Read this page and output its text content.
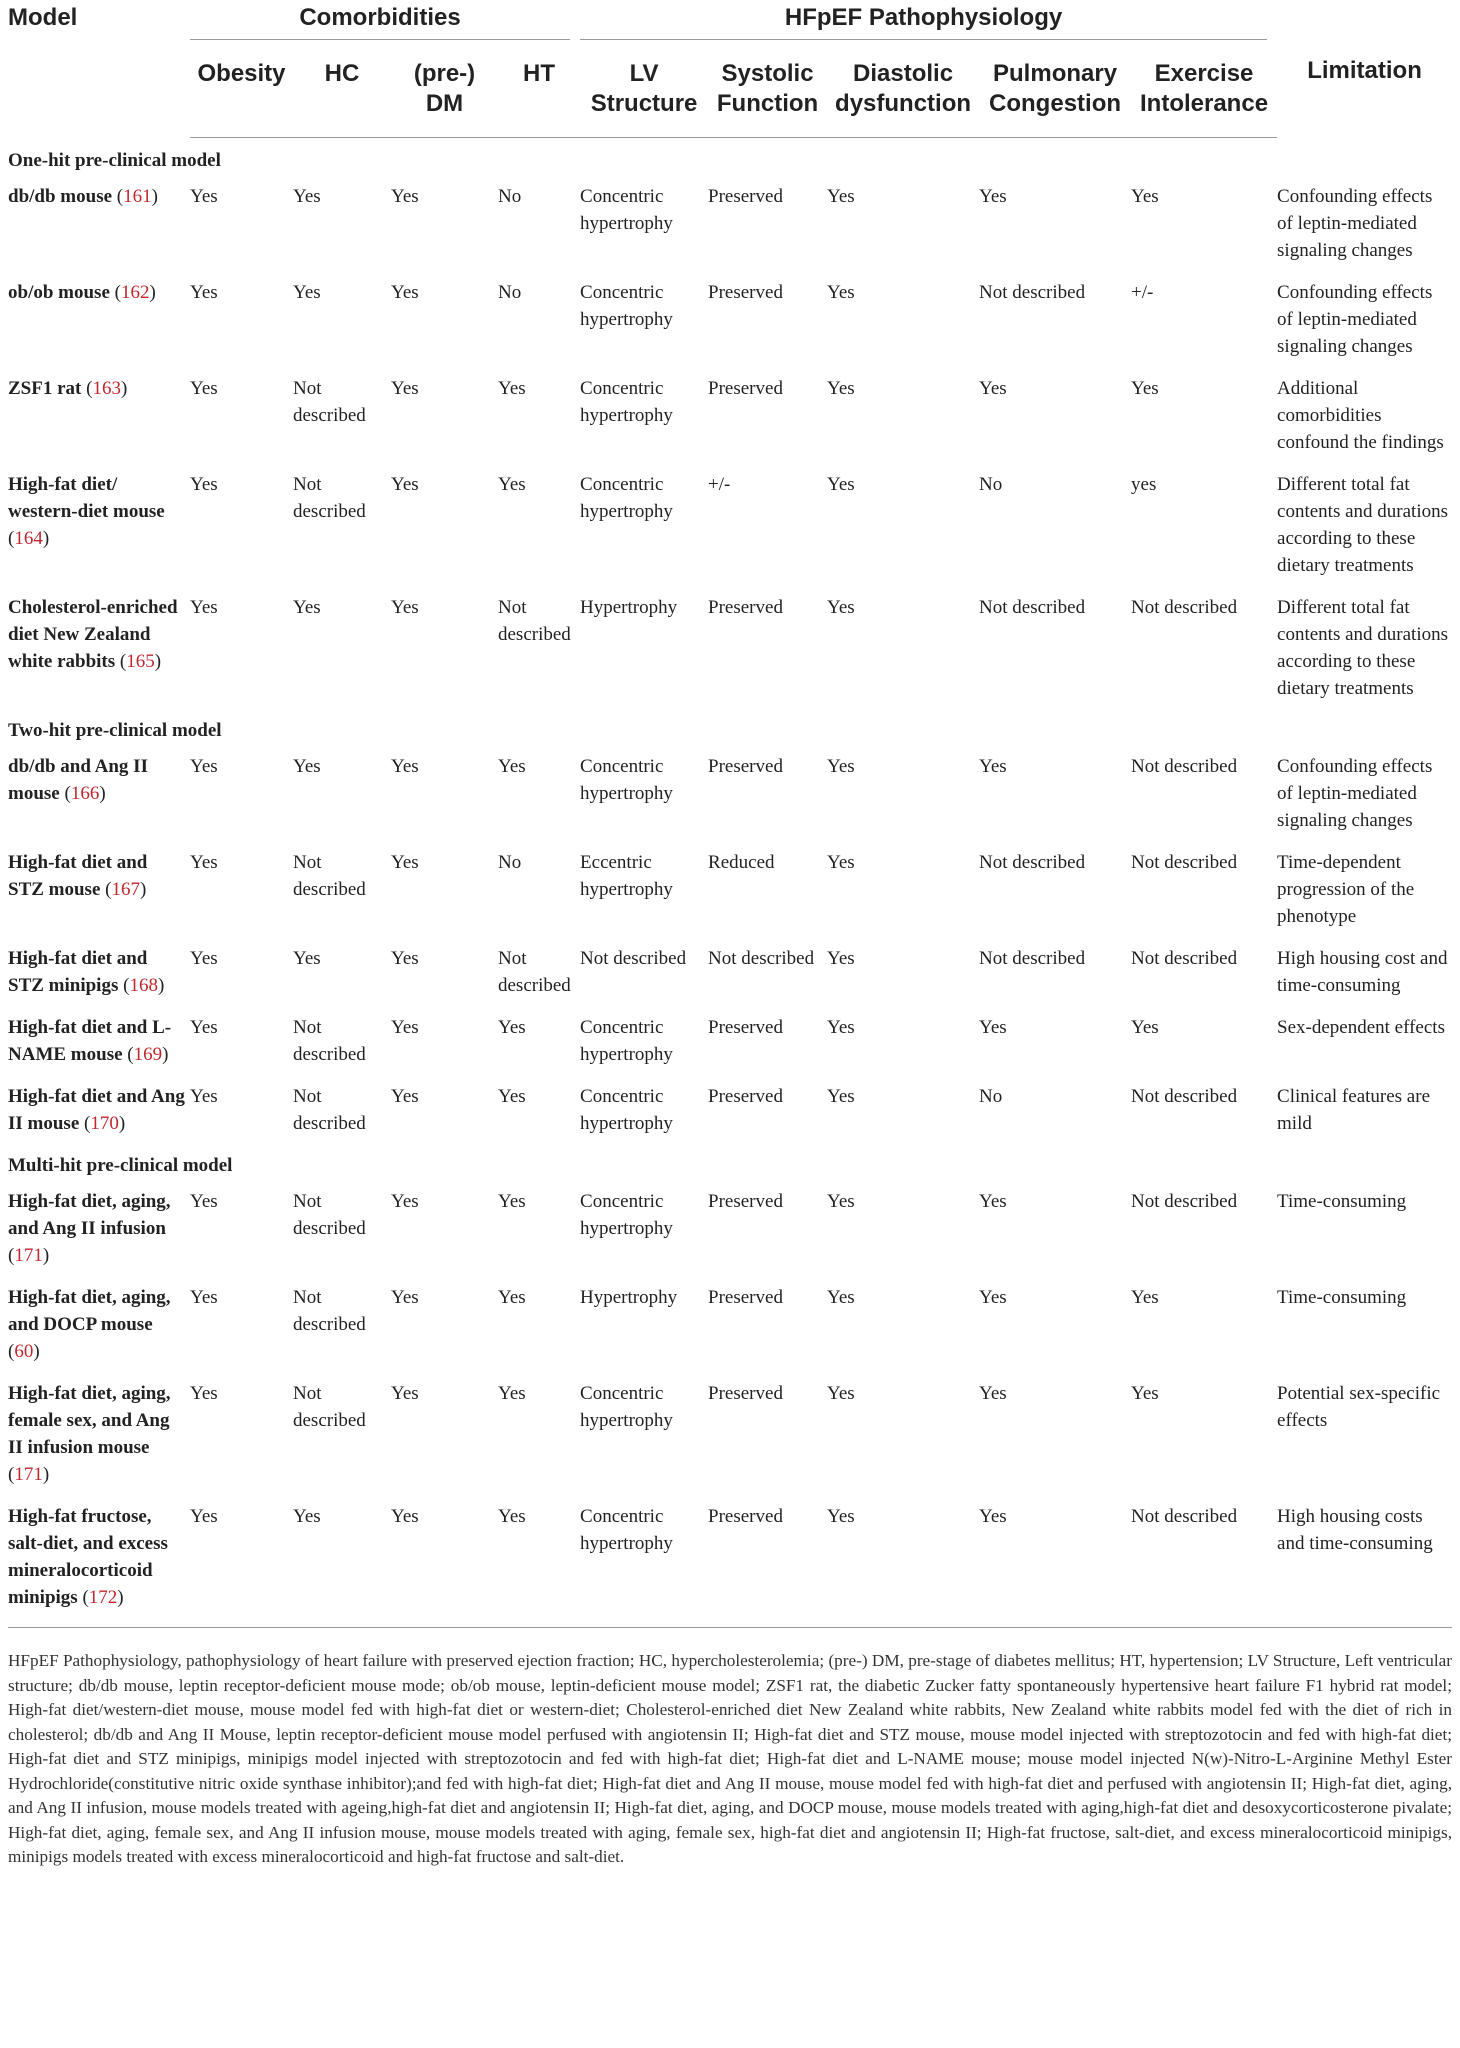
Model	Comorbidities				HFpEF Pathophysiology					Limitation
	Obesity	HC	(pre-) DM	HT	LV Structure	Systolic Function	Diastolic dysfunction	Pulmonary Congestion	Exercise Intolerance	
One-hit pre-clinical model										
db/db mouse (161)	Yes	Yes	Yes	No	Concentric hypertrophy	Preserved	Yes	Yes	Yes	Confounding effects of leptin-mediated signaling changes
ob/ob mouse (162)	Yes	Yes	Yes	No	Concentric hypertrophy	Preserved	Yes	Not described	+/-	Confounding effects of leptin-mediated signaling changes
ZSF1 rat (163)	Yes	Not described	Yes	Yes	Concentric hypertrophy	Preserved	Yes	Yes	Yes	Additional comorbidities confound the findings
High-fat diet/ western-diet mouse (164)	Yes	Not described	Yes	Yes	Concentric hypertrophy	+/-	Yes	No	yes	Different total fat contents and durations according to these dietary treatments
Cholesterol-enriched diet New Zealand white rabbits (165)	Yes	Yes	Yes	Not described	Hypertrophy	Preserved	Yes	Not described	Not described	Different total fat contents and durations according to these dietary treatments
Two-hit pre-clinical model										
db/db and Ang II mouse (166)	Yes	Yes	Yes	Yes	Concentric hypertrophy	Preserved	Yes	Yes	Not described	Confounding effects of leptin-mediated signaling changes
High-fat diet and STZ mouse (167)	Yes	Not described	Yes	No	Eccentric hypertrophy	Reduced	Yes	Not described	Not described	Time-dependent progression of the phenotype
High-fat diet and STZ minipigs (168)	Yes	Yes	Yes	Not described	Not described	Not described	Yes	Not described	Not described	High housing cost and time-consuming
High-fat diet and L-NAME mouse (169)	Yes	Not described	Yes	Yes	Concentric hypertrophy	Preserved	Yes	Yes	Yes	Sex-dependent effects
High-fat diet and Ang II mouse (170)	Yes	Not described	Yes	Yes	Concentric hypertrophy	Preserved	Yes	No	Not described	Clinical features are mild
Multi-hit pre-clinical model										
High-fat diet, aging, and Ang II infusion (171)	Yes	Not described	Yes	Yes	Concentric hypertrophy	Preserved	Yes	Yes	Not described	Time-consuming
High-fat diet, aging, and DOCP mouse (60)	Yes	Not described	Yes	Yes	Hypertrophy	Preserved	Yes	Yes	Yes	Time-consuming
High-fat diet, aging, female sex, and Ang II infusion mouse (171)	Yes	Not described	Yes	Yes	Concentric hypertrophy	Preserved	Yes	Yes	Yes	Potential sex-specific effects
High-fat fructose, salt-diet, and excess mineralocorticoid minipigs (172)	Yes	Yes	Yes	Yes	Concentric hypertrophy	Preserved	Yes	Yes	Not described	High housing costs and time-consuming
HFpEF Pathophysiology, pathophysiology of heart failure with preserved ejection fraction; HC, hypercholesterolemia; (pre-) DM, pre-stage of diabetes mellitus; HT, hypertension; LV Structure, Left ventricular structure; db/db mouse, leptin receptor-deficient mouse mode; ob/ob mouse, leptin-deficient mouse model; ZSF1 rat, the diabetic Zucker fatty spontaneously hypertensive heart failure F1 hybrid rat model; High-fat diet/western-diet mouse, mouse model fed with high-fat diet or western-diet; Cholesterol-enriched diet New Zealand white rabbits, New Zealand white rabbits model fed with the diet of rich in cholesterol; db/db and Ang II Mouse, leptin receptor-deficient mouse model perfused with angiotensin II; High-fat diet and STZ mouse, mouse model injected with streptozotocin and fed with high-fat diet; High-fat diet and STZ minipigs, minipigs model injected with streptozotocin and fed with high-fat diet; High-fat diet and L-NAME mouse; mouse model injected N(w)-Nitro-L-Arginine Methyl Ester Hydrochloride(constitutive nitric oxide synthase inhibitor);and fed with high-fat diet; High-fat diet and Ang II mouse, mouse model fed with high-fat diet and perfused with angiotensin II; High-fat diet, aging, and Ang II infusion, mouse models treated with ageing,high-fat diet and angiotensin II; High-fat diet, aging, and DOCP mouse, mouse models treated with aging,high-fat diet and desoxycorticosterone pivalate; High-fat diet, aging, female sex, and Ang II infusion mouse, mouse models treated with aging, female sex, high-fat diet and angiotensin II; High-fat fructose, salt-diet, and excess mineralocorticoid minipigs, minipigs models treated with excess mineralocorticoid and high-fat fructose and salt-diet.
